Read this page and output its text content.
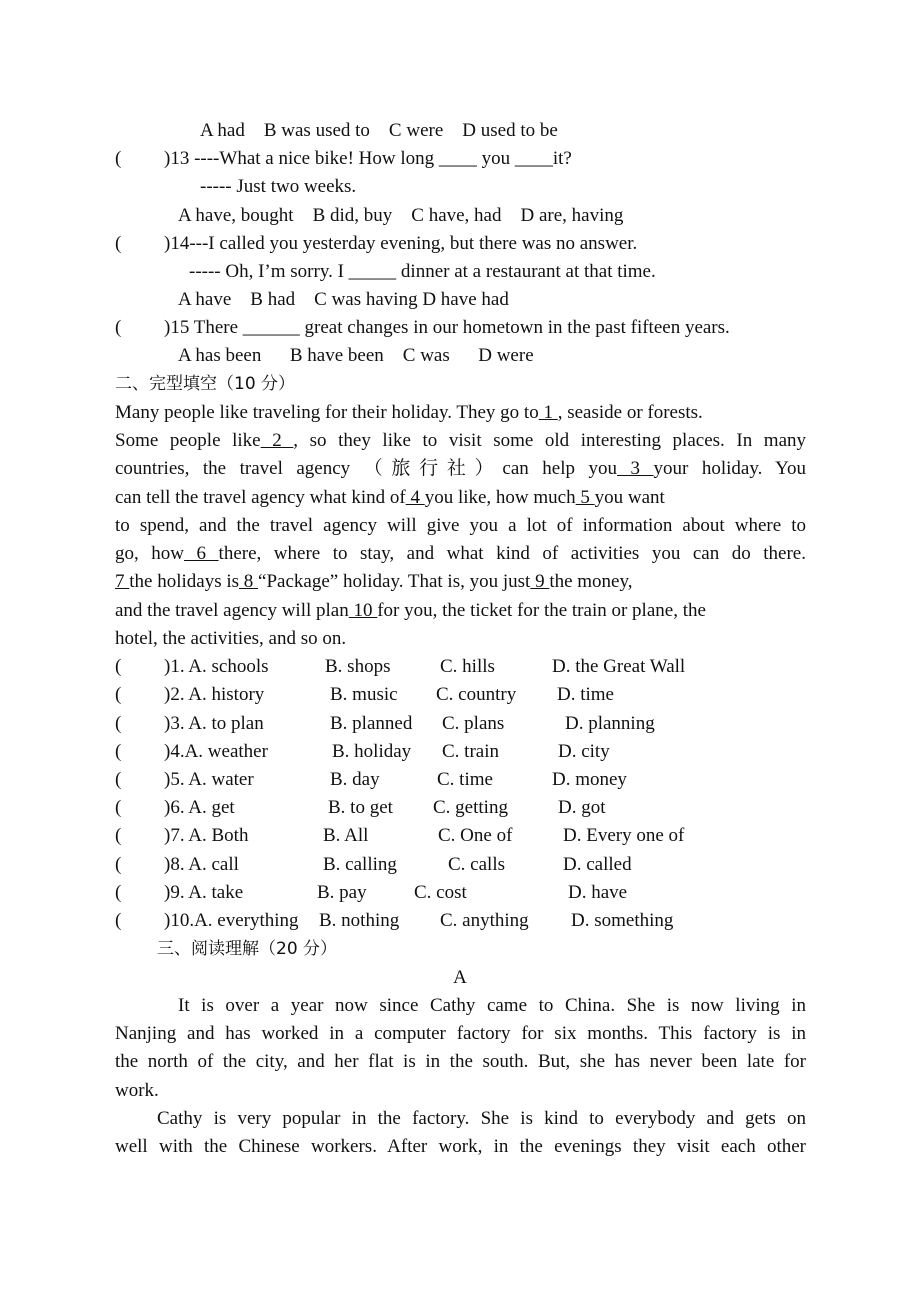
A had    B was used to    C were    D used to be
( )13 ----What a nice bike! How long ____ you ____it?
----- Just two weeks.
A have, bought    B did, buy    C have, had    D are, having
( )14---I called you yesterday evening, but there was no answer.
----- Oh, I’m sorry. I _____ dinner at a restaurant at that time.
A have    B had    C was having D have had
( )15 There ______ great changes in our hometown in the past fifteen years.
A has been      B have been    C was      D were
二、完型填空（10 分）
Many people like traveling for their holiday. They go to 1 , seaside or forests.
Some people like 2 , so they like to visit some old interesting places. In many
countries, the travel agency （旅行社）can help you 3 your holiday. You
can tell the travel agency what kind of 4 you like, how much 5 you want
to spend, and the travel agency will give you a lot of information about where to
go, how 6 there, where to stay, and what kind of activities you can do there.
7 the holidays is 8 “Package” holiday. That is, you just 9 the money,
and the travel agency will plan 10 for you, the ticket for the train or plane, the
hotel, the activities, and so on.
( )1. A. schools	B. shops	C. hills	D. the Great Wall
( )2. A. history	B. music C. country D. time
( )3. A. to plan	B. planned C. plans	D. planning
( )4.A. weather	B. holiday C. train	D. city
( )5. A. water	B. day	C. time	D. money
( )6. A. get	B. to get C. getting	D. got
( )7. A. Both	B. All	C. One of	D. Every one of
( )8. A. call	B. calling	C. calls	D. called
( )9. A. take	B. pay C. cost	D. have
( )10.A. everything B. nothing C. anything D. something
三、阅读理解（20 分）
A
It is over a year now since Cathy came to China. She is now living in
Nanjing and has worked in a computer factory for six months. This factory is in
the north of the city, and her flat is in the south. But, she has never been late for
work.
Cathy is very popular in the factory. She is kind to everybody and gets on
well with the Chinese workers. After work, in the evenings they visit each other
